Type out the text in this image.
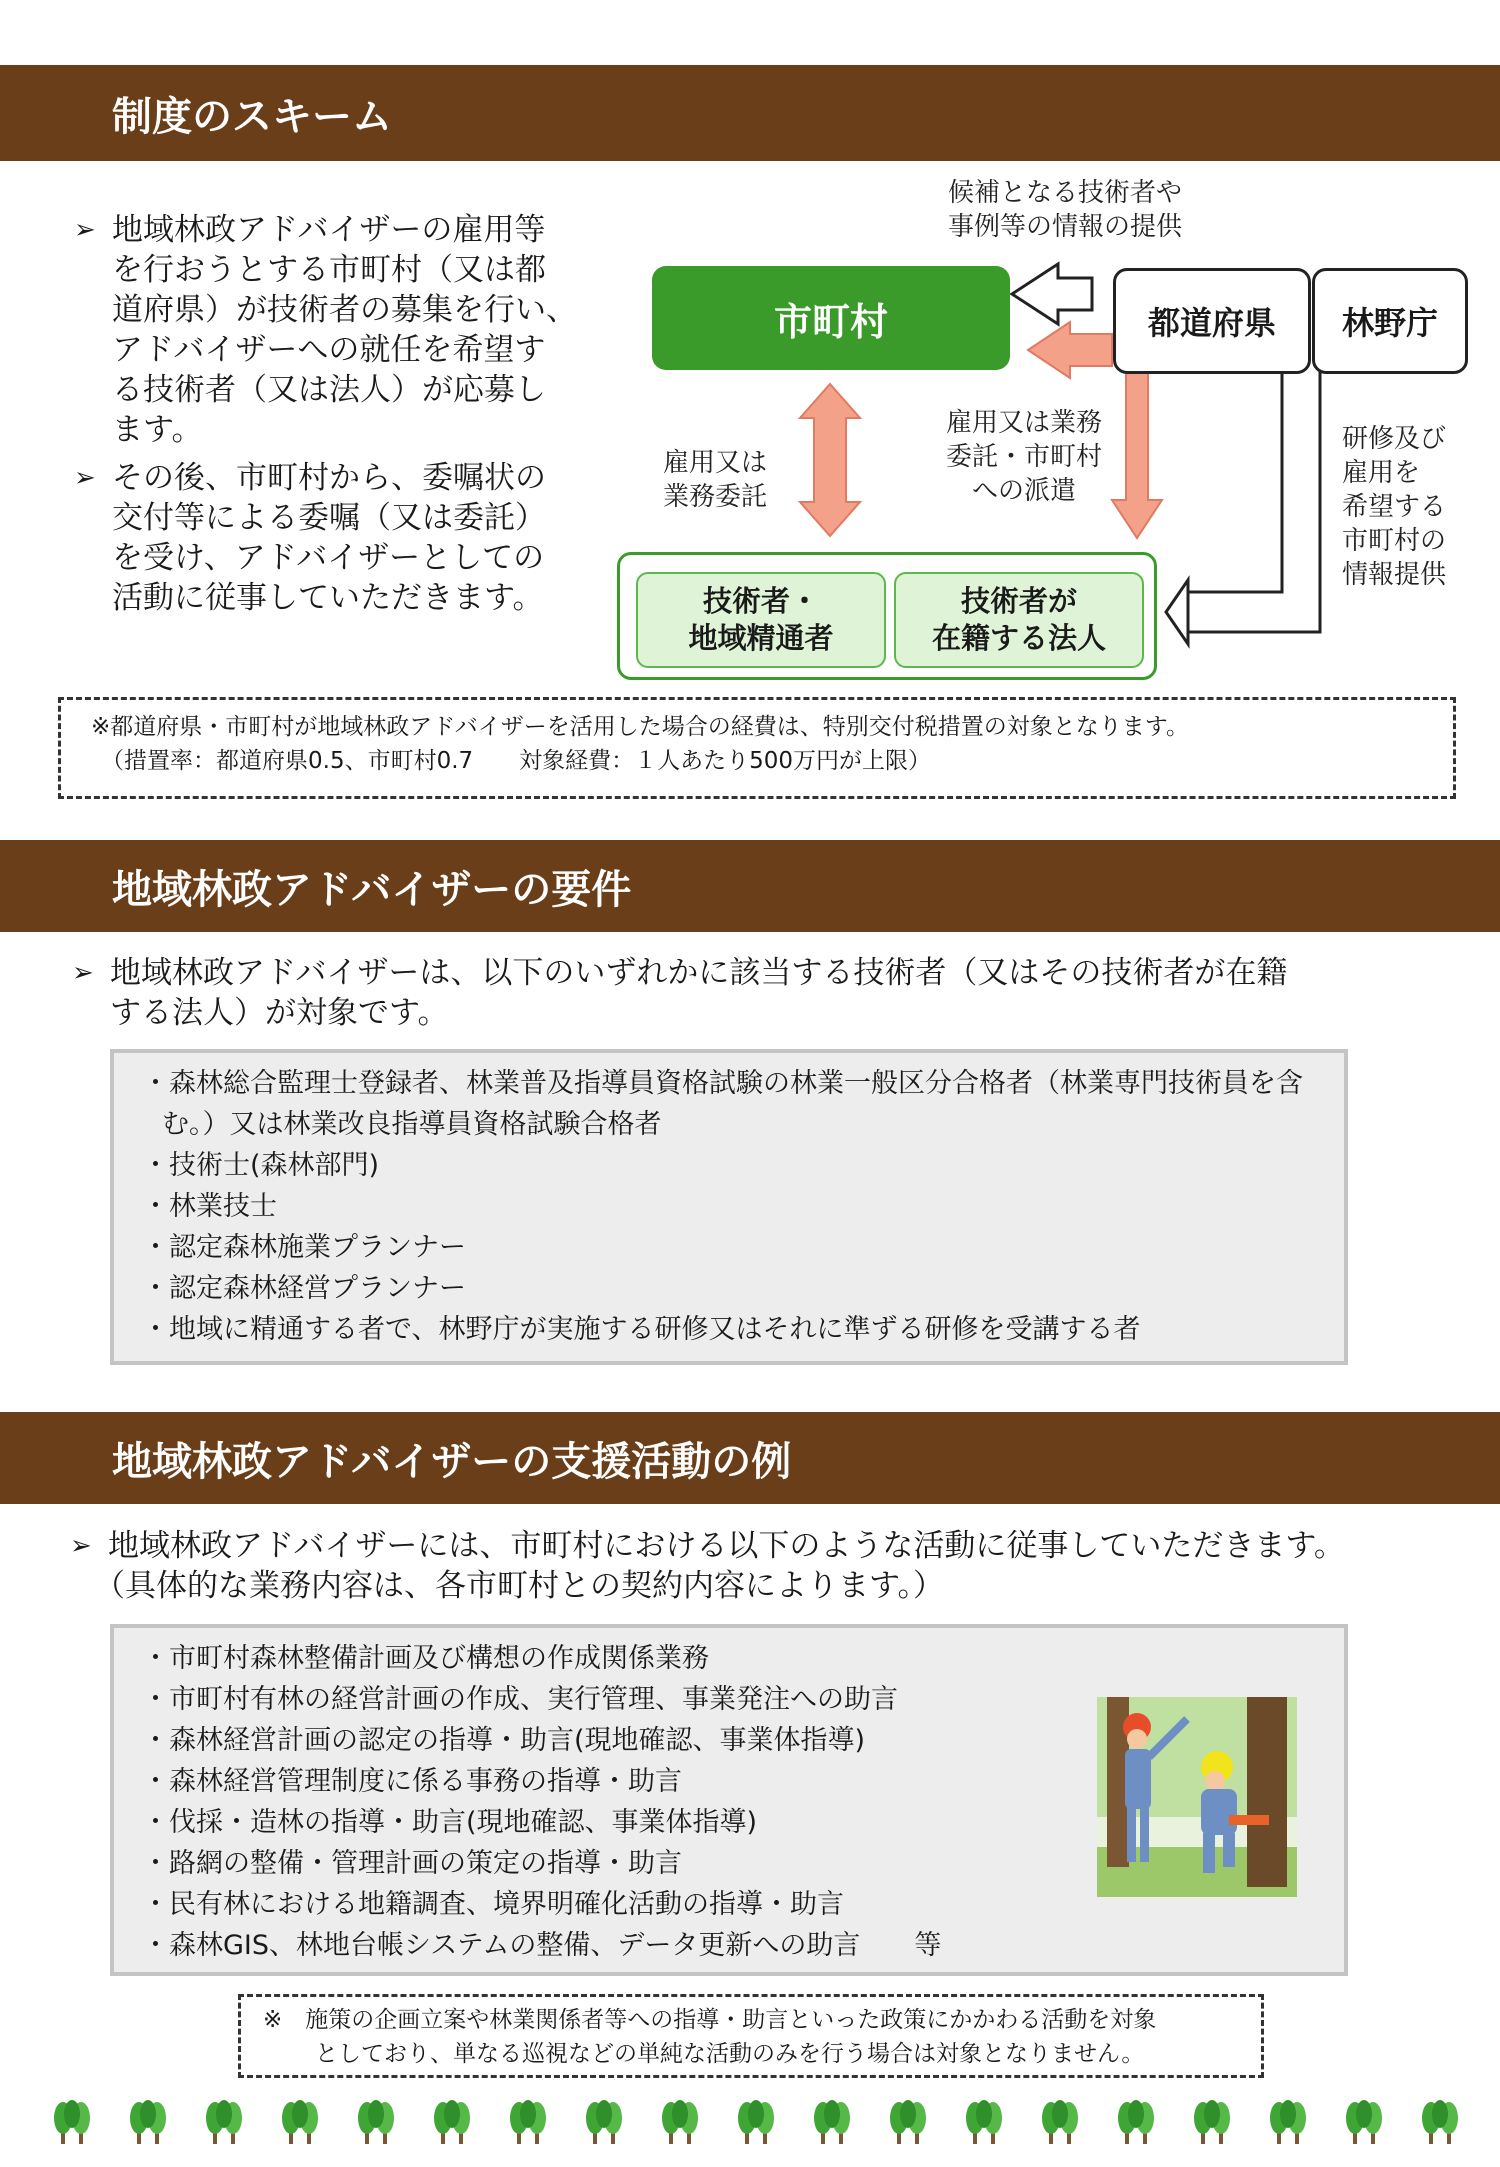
制度のスキーム
➢ 地域林政アドバイザーの雇用等
を行おうとする市町村（又は都
道府県）が技術者の募集を行い、
アドバイザーへの就任を希望す
る技術者（又は法人）が応募し
ます。
➢ その後、市町村から、委嘱状の
交付等による委嘱（又は委託）
を受け、アドバイザーとしての
活動に従事していただきます。
市町村	都道府県 林野庁
候補となる技術者や
事例等の情報の提供
雇用又は
業務委託
雇用又は業務
委託・市町村
への派遣
研修及び
雇用を
希望する
市町村の
情報提供
技術者・
地域精通者
技術者が
在籍する法人
※都道府県・市町村が地域林政アドバイザーを活用した場合の経費は、特別交付税措置の対象となります。
（措置率：都道府県0.5、市町村0.7　　対象経費：１人あたり500万円が上限）
地域林政アドバイザーの要件
➢ 地域林政アドバイザーは、以下のいずれかに該当する技術者（又はその技術者が在籍
する法人）が対象です。
・森林総合監理士登録者、林業普及指導員資格試験の林業一般区分合格者（林業専門技術員を含む。）又は林業改良指導員資格試験合格者
・技術士(森林部門)
・林業技士
・認定森林施業プランナー
・認定森林経営プランナー
・地域に精通する者で、林野庁が実施する研修又はそれに準ずる研修を受講する者
地域林政アドバイザーの支援活動の例
➢ 地域林政アドバイザーには、市町村における以下のような活動に従事していただきます。
（具体的な業務内容は、各市町村との契約内容によります。）
・市町村森林整備計画及び構想の作成関係業務
・市町村有林の経営計画の作成、実行管理、事業発注への助言
・森林経営計画の認定の指導・助言(現地確認、事業体指導)
・森林経営管理制度に係る事務の指導・助言
・伐採・造林の指導・助言(現地確認、事業体指導)
・路網の整備・管理計画の策定の指導・助言
・民有林における地籍調査、境界明確化活動の指導・助言
・森林GIS、林地台帳システムの整備、データ更新への助言　　等
※　施策の企画立案や林業関係者等への指導・助言といった政策にかかわる活動を対象
としており、単なる巡視などの単純な活動のみを行う場合は対象となりません。
